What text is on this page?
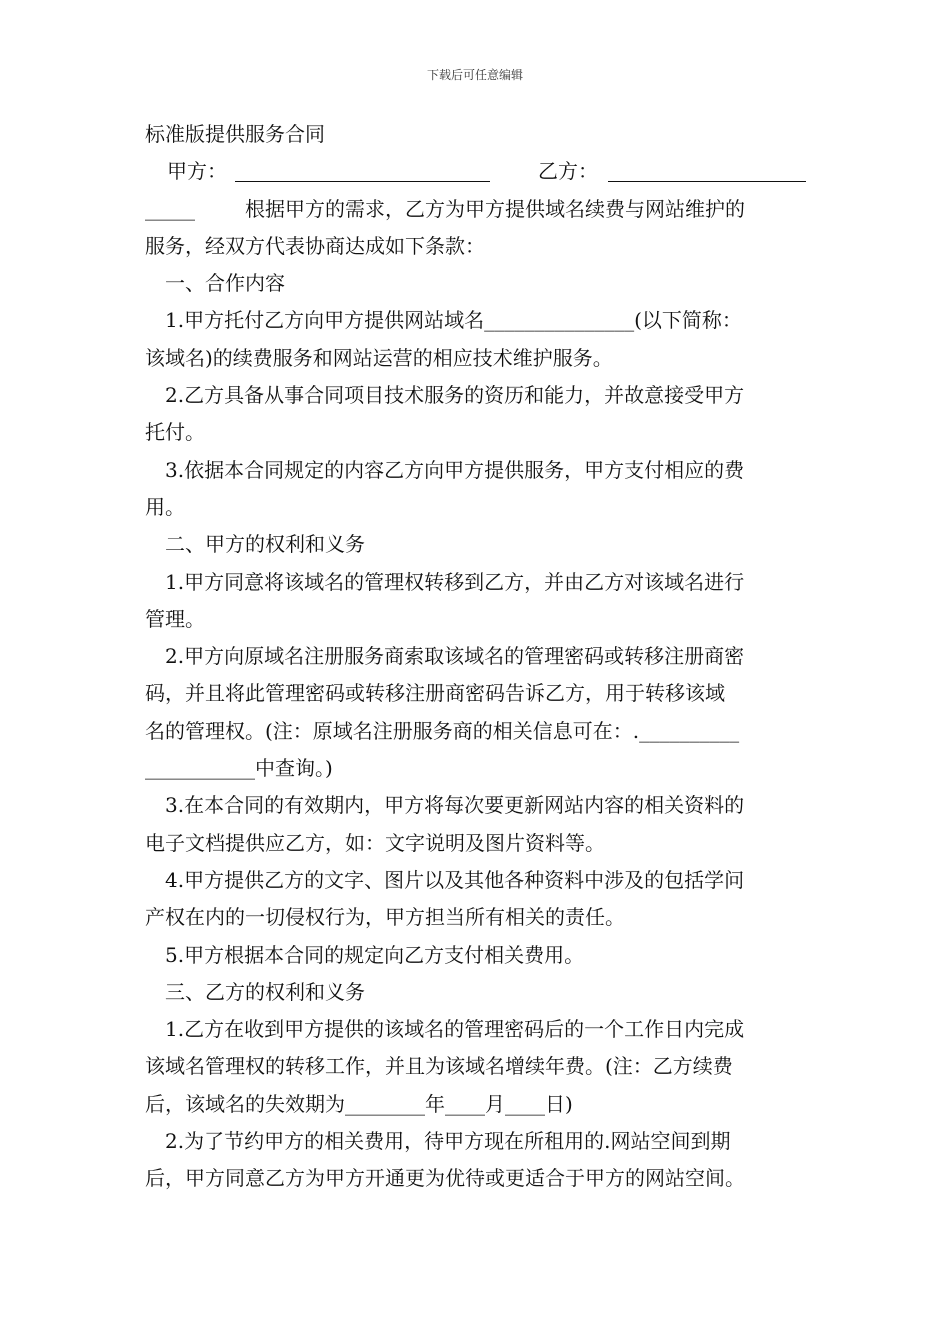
下载后可任意编辑
标准版提供服务合同
甲方：	乙方：
_____	根据甲方的需求，乙方为甲方提供域名续费与网站维护的
服务，经双方代表协商达成如下条款：
一、合作内容
1.甲方托付乙方向甲方提供网站域名_______________(以下简称：
该域名)的续费服务和网站运营的相应技术维护服务。
2.乙方具备从事合同项目技术服务的资历和能力，并故意接受甲方
托付。
3.依据本合同规定的内容乙方向甲方提供服务，甲方支付相应的费
用。
二、甲方的权利和义务
1.甲方同意将该域名的管理权转移到乙方，并由乙方对该域名进行
管理。
2.甲方向原域名注册服务商索取该域名的管理密码或转移注册商密
码，并且将此管理密码或转移注册商密码告诉乙方，用于转移该域
名的管理权。(注：原域名注册服务商的相关信息可在：.__________
___________中查询。)
3.在本合同的有效期内，甲方将每次要更新网站内容的相关资料的
电子文档提供应乙方，如：文字说明及图片资料等。
4.甲方提供乙方的文字、图片以及其他各种资料中涉及的包括学问
产权在内的一切侵权行为，甲方担当所有相关的责任。
5.甲方根据本合同的规定向乙方支付相关费用。
三、乙方的权利和义务
1.乙方在收到甲方提供的该域名的管理密码后的一个工作日内完成
该域名管理权的转移工作，并且为该域名增续年费。(注：乙方续费
后，该域名的失效期为________年____月____日)
2.为了节约甲方的相关费用，待甲方现在所租用的.网站空间到期
后，甲方同意乙方为甲方开通更为优待或更适合于甲方的网站空间。
